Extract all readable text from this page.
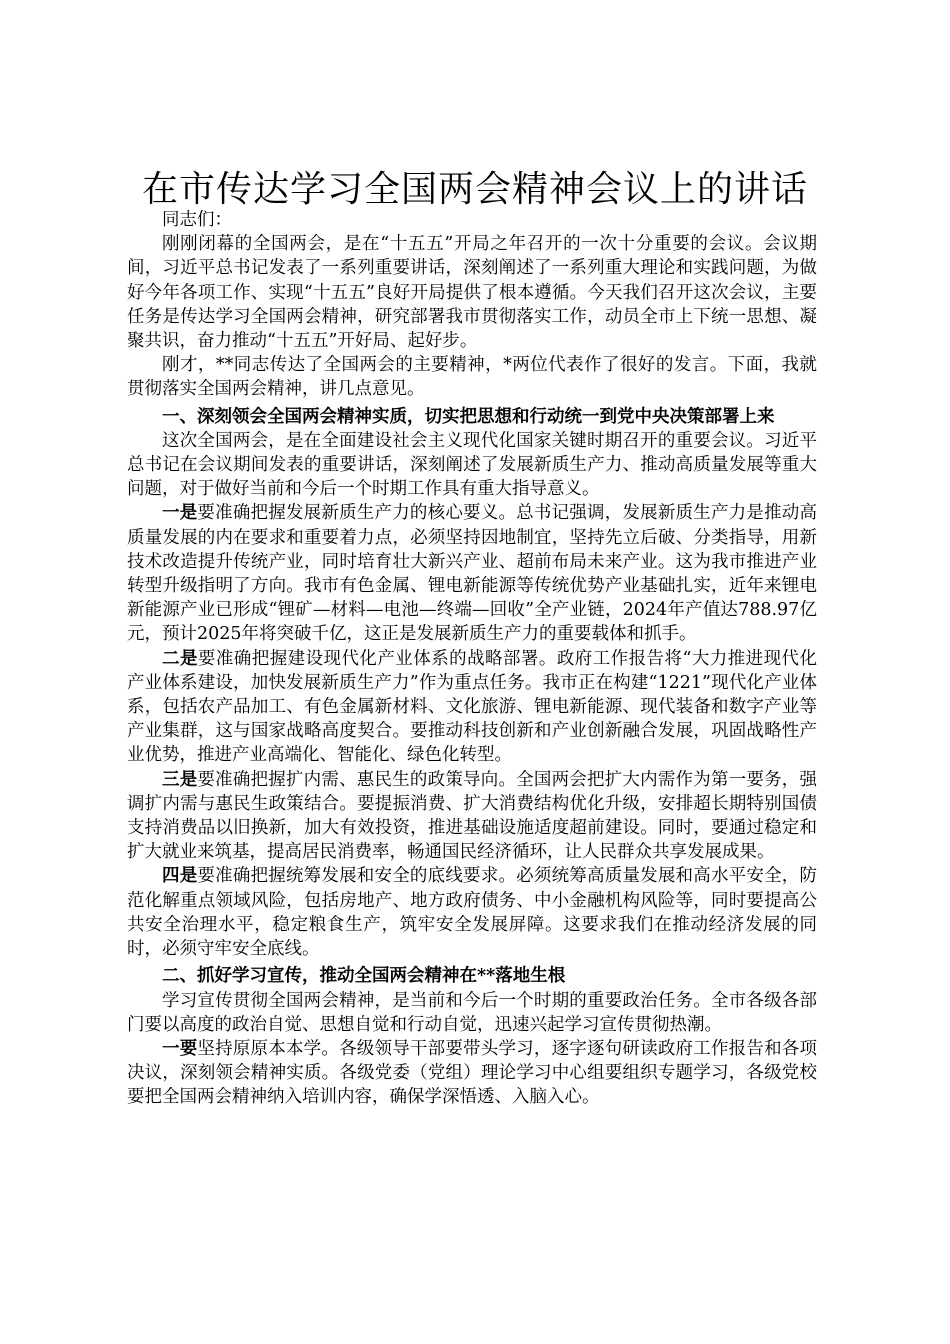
在市传达学习全国两会精神会议上的讲话

同志们：

刚刚闭幕的全国两会，是在“十五五”开局之年召开的一次十分重要的会议。会议期间，习近平总书记发表了一系列重要讲话，深刻阐述了一系列重大理论和实践问题，为做好今年各项工作、实现“十五五”良好开局提供了根本遵循。今天我们召开这次会议，主要任务是传达学习全国两会精神，研究部署我市贯彻落实工作，动员全市上下统一思想、凝聚共识，奋力推动“十五五”开好局、起好步。

刚才，**同志传达了全国两会的主要精神，*两位代表作了很好的发言。下面，我就贯彻落实全国两会精神，讲几点意见。

一、深刻领会全国两会精神实质，切实把思想和行动统一到党中央决策部署上来

这次全国两会，是在全面建设社会主义现代化国家关键时期召开的重要会议。习近平总书记在会议期间发表的重要讲话，深刻阐述了发展新质生产力、推动高质量发展等重大问题，对于做好当前和今后一个时期工作具有重大指导意义。

一是要准确把握发展新质生产力的核心要义。总书记强调，发展新质生产力是推动高质量发展的内在要求和重要着力点，必须坚持因地制宜，坚持先立后破、分类指导，用新技术改造提升传统产业，同时培育壮大新兴产业、超前布局未来产业。这为我市推进产业转型升级指明了方向。我市有色金属、锂电新能源等传统优势产业基础扎实，近年来锂电新能源产业已形成“锂矿—材料—电池—终端—回收”全产业链，2024年产值达788.97亿元，预计2025年将突破千亿，这正是发展新质生产力的重要载体和抓手。

二是要准确把握建设现代化产业体系的战略部署。政府工作报告将“大力推进现代化产业体系建设，加快发展新质生产力”作为重点任务。我市正在构建“1221”现代化产业体系，包括农产品加工、有色金属新材料、文化旅游、锂电新能源、现代装备和数字产业等产业集群，这与国家战略高度契合。要推动科技创新和产业创新融合发展，巩固战略性产业优势，推进产业高端化、智能化、绿色化转型。

三是要准确把握扩内需、惠民生的政策导向。全国两会把扩大内需作为第一要务，强调扩内需与惠民生政策结合。要提振消费、扩大消费结构优化升级，安排超长期特别国债支持消费品以旧换新，加大有效投资，推进基础设施适度超前建设。同时，要通过稳定和扩大就业来筑基，提高居民消费率，畅通国民经济循环，让人民群众共享发展成果。

四是要准确把握统筹发展和安全的底线要求。必须统筹高质量发展和高水平安全，防范化解重点领域风险，包括房地产、地方政府债务、中小金融机构风险等，同时要提高公共安全治理水平，稳定粮食生产，筑牢安全发展屏障。这要求我们在推动经济发展的同时，必须守牢安全底线。

二、抓好学习宣传，推动全国两会精神在**落地生根

学习宣传贯彻全国两会精神，是当前和今后一个时期的重要政治任务。全市各级各部门要以高度的政治自觉、思想自觉和行动自觉，迅速兴起学习宣传贯彻热潮。

一要坚持原原本本学。各级领导干部要带头学习，逐字逐句研读政府工作报告和各项决议，深刻领会精神实质。各级党委（党组）理论学习中心组要组织专题学习，各级党校要把全国两会精神纳入培训内容，确保学深悟透、入脑入心。
